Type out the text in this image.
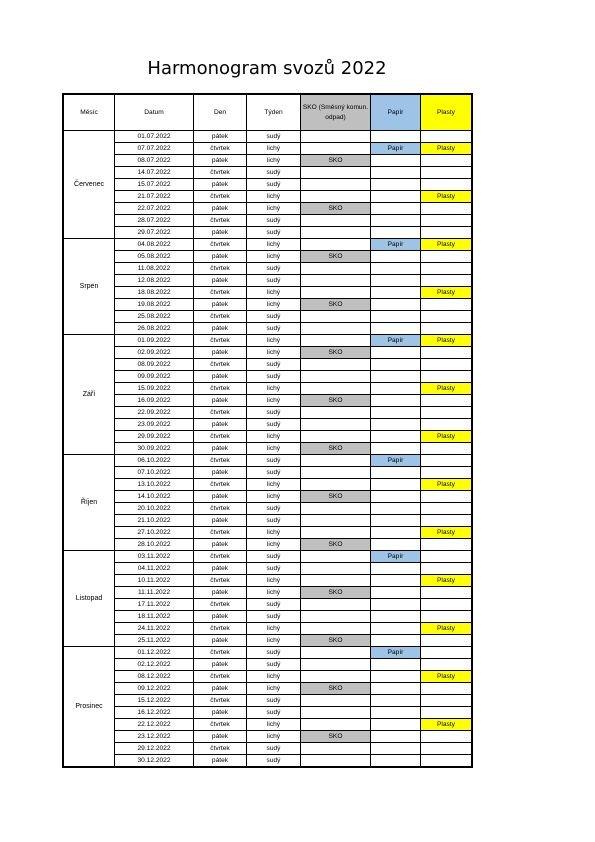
Harmonogram svozů 2022
Měsíc	Datum	Den	Týden	SKO (Směsný komun. odpad)	Papír	Plasty
Červenec	01.07.2022	pátek	sudý			
	07.07.2022	čtvrtek	lichý		Papír	Plasty
	08.07.2022	pátek	lichý	SKO		
	14.07.2022	čtvrtek	sudý			
	15.07.2022	pátek	sudý			
	21.07.2022	čtvrtek	lichý			Plasty
	22.07.2022	pátek	lichý	SKO		
	28.07.2022	čtvrtek	sudý			
	29.07.2022	pátek	sudý			
Srpen	04.08.2022	čtvrtek	lichý		Papír	Plasty
	05.08.2022	pátek	lichý	SKO		
	11.08.2022	čtvrtek	sudý			
	12.08.2022	pátek	sudý			
	18.08.2022	čtvrtek	lichý			Plasty
	19.08.2022	pátek	lichý	SKO		
	25.08.2022	čtvrtek	sudý			
	26.08.2022	pátek	sudý			
Září	01.09.2022	čtvrtek	lichý		Papír	Plasty
	02.09.2022	pátek	lichý	SKO		
	08.09.2022	čtvrtek	sudý			
	09.09.2022	pátek	sudý			
	15.09.2022	čtvrtek	lichý			Plasty
	16.09.2022	pátek	lichý	SKO		
	22.09.2022	čtvrtek	sudý			
	23.09.2022	pátek	sudý			
	29.09.2022	čtvrtek	lichý			Plasty
	30.09.2022	pátek	lichý	SKO		
Říjen	06.10.2022	čtvrtek	sudý		Papír	
	07.10.2022	pátek	sudý			
	13.10.2022	čtvrtek	lichý			Plasty
	14.10.2022	pátek	lichý	SKO		
	20.10.2022	čtvrtek	sudý			
	21.10.2022	pátek	sudý			
	27.10.2022	čtvrtek	lichý			Plasty
	28.10.2022	pátek	lichý	SKO		
Listopad	03.11.2022	čtvrtek	sudý		Papír	
	04.11.2022	pátek	sudý			
	10.11.2022	čtvrtek	lichý			Plasty
	11.11.2022	pátek	lichý	SKO		
	17.11.2022	čtvrtek	sudý			
	18.11.2022	pátek	sudý			
	24.11.2022	čtvrtek	lichý			Plasty
	25.11.2022	pátek	lichý	SKO		
Prosinec	01.12.2022	čtvrtek	sudý		Papír	
	02.12.2022	pátek	sudý			
	08.12.2022	čtvrtek	lichý			Plasty
	09.12.2022	pátek	lichý	SKO		
	15.12.2022	čtvrtek	sudý			
	16.12.2022	pátek	sudý			
	22.12.2022	čtvrtek	lichý			Plasty
	23.12.2022	pátek	lichý	SKO		
	29.12.2022	čtvrtek	sudý			
	30.12.2022	pátek	sudý			
